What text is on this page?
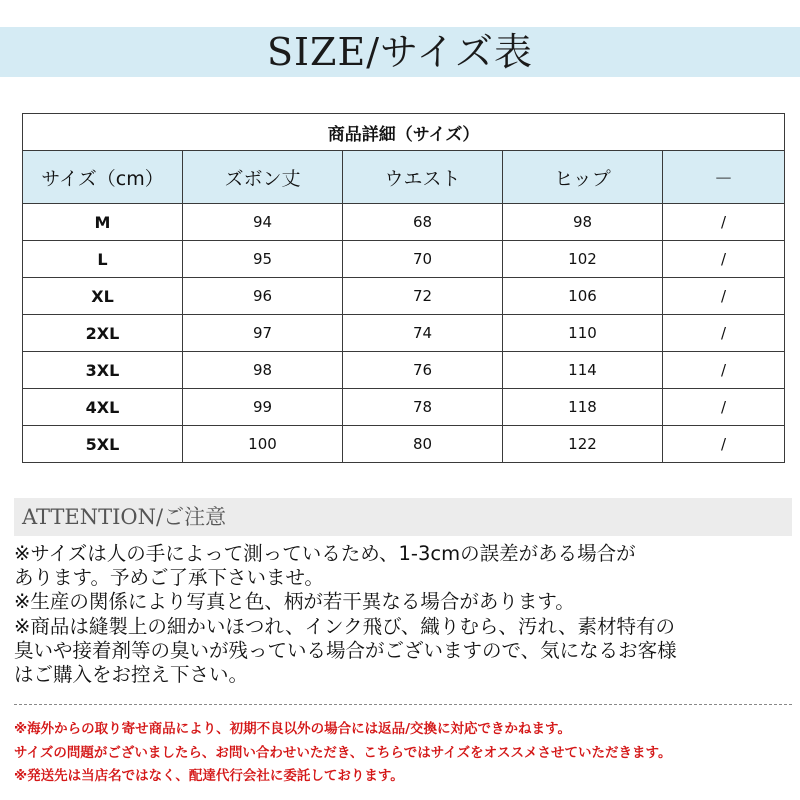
SIZE/サイズ表
商品詳細（サイズ）				
サイズ（cm）	ズボン丈	ウエスト	ヒップ	－
M	94	68	98	/
L	95	70	102	/
XL	96	72	106	/
2XL	97	74	110	/
3XL	98	76	114	/
4XL	99	78	118	/
5XL	100	80	122	/
ATTENTION/ご注意

※サイズは人の手によって測っているため、1-3cmの誤差がある場合が

あります。予めご了承下さいませ。

※生産の関係により写真と色、柄が若干異なる場合があります。

※商品は縫製上の細かいほつれ、インク飛び、織りむら、汚れ、素材特有の

臭いや接着剤等の臭いが残っている場合がございますので、気になるお客様

はご購入をお控え下さい。

※海外からの取り寄せ商品により、初期不良以外の場合には返品/交換に対応できかねます。

サイズの問題がございましたら、お問い合わせいただき、こちらではサイズをオススメさせていただきます。

※発送先は当店名ではなく、配達代行会社に委託しております。
